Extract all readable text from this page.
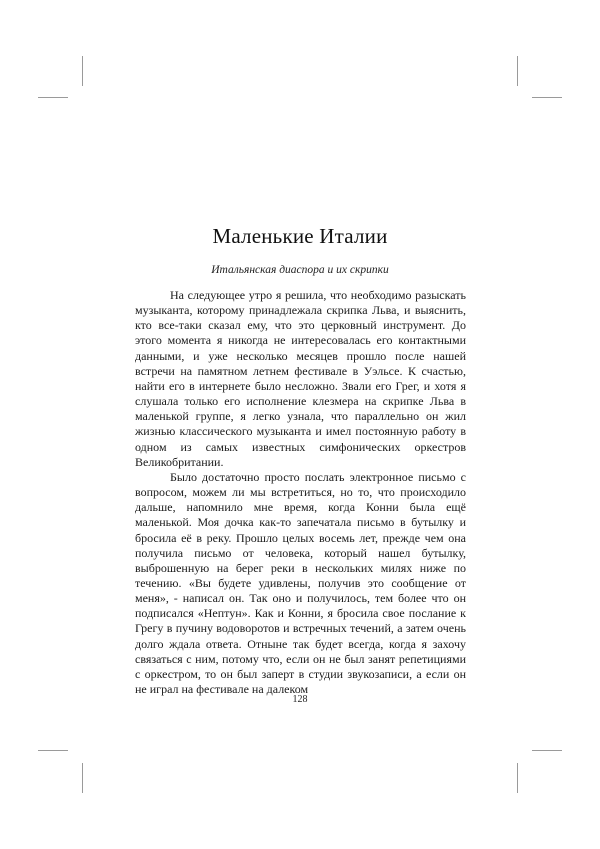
Маленькие Италии
Итальянская диаспора и их скрипки

На следующее утро я решила, что необходимо разыскать музыканта, которому принадлежала скрипка Льва, и выяснить, кто все-таки сказал ему, что это церковный инструмент. До этого момента я никогда не интересовалась его контактными данными, и уже несколько месяцев прошло после нашей встречи на памятном летнем фестивале в Уэльсе. К счастью, найти его в интернете было несложно. Звали его Грег, и хотя я слушала только его исполнение клезмера на скрипке Льва в маленькой группе, я легко узнала, что параллельно он жил жизнью классического музыканта и имел постоянную работу в одном из самых известных симфонических оркестров Великобритании.

Было достаточно просто послать электронное письмо с вопросом, можем ли мы встретиться, но то, что происходило дальше, напомнило мне время, когда Конни была ещё маленькой. Моя дочка как-то запечатала письмо в бутылку и бросила её в реку. Прошло целых восемь лет, прежде чем она получила письмо от человека, который нашел бутылку, выброшенную на берег реки в нескольких милях ниже по течению. «Вы будете удивлены, получив это сообщение от меня», - написал он. Так оно и получилось, тем более что он подписался «Нептун». Как и Конни, я бросила свое послание к Грегу в пучину водоворотов и встречных течений, а затем очень долго ждала ответа. Отныне так будет всегда, когда я захочу связаться с ним, потому что, если он не был занят репетициями с оркестром, то он был заперт в студии звукозаписи, а если он не играл на фестивале на далеком

128
